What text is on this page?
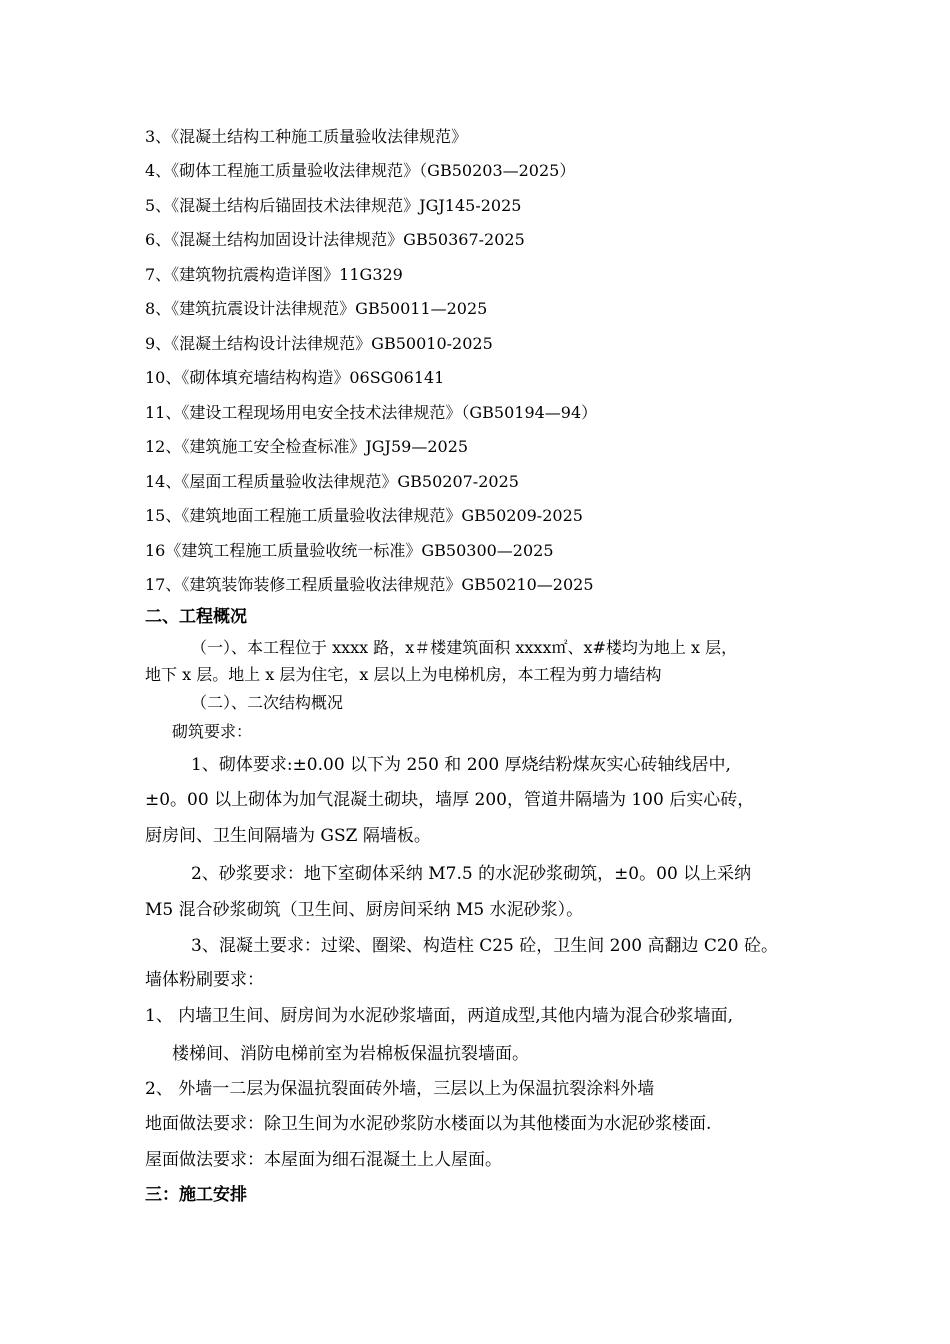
3、《混凝土结构工种施工质量验收法律规范》
4、《砌体工程施工质量验收法律规范》（GB50203—2025）
5、《混凝土结构后锚固技术法律规范》JGJ145-2025
6、《混凝土结构加固设计法律规范》GB50367-2025
7、《建筑物抗震构造详图》11G329
8、《建筑抗震设计法律规范》GB50011—2025
9、《混凝土结构设计法律规范》GB50010-2025
10、《砌体填充墙结构构造》06SG06141
11、《建设工程现场用电安全技术法律规范》（GB50194—94）
12、《建筑施工安全检查标准》JGJ59—2025
14、《屋面工程质量验收法律规范》GB50207-2025
15、《建筑地面工程施工质量验收法律规范》GB50209-2025
16《建筑工程施工质量验收统一标准》GB50300—2025
17、《建筑装饰装修工程质量验收法律规范》GB50210—2025
二、工程概况
（一）、本工程位于 xxxx 路，x＃楼建筑面积 xxxx㎡、x#楼均为地上 x 层，
地下 x 层。地上 x 层为住宅，x 层以上为电梯机房，本工程为剪力墙结构
（二）、二次结构概况
砌筑要求：
1、砌体要求:±0.00 以下为 250 和 200 厚烧结粉煤灰实心砖轴线居中,
±0。00 以上砌体为加气混凝土砌块，墙厚 200，管道井隔墙为 100 后实心砖，
厨房间、卫生间隔墙为 GSZ 隔墙板。
2、砂浆要求：地下室砌体采纳 M7.5 的水泥砂浆砌筑，±0。00 以上采纳
M5 混合砂浆砌筑（卫生间、厨房间采纳 M5 水泥砂浆）。
3、混凝土要求：过梁、圈梁、构造柱 C25 砼，卫生间 200 高翻边 C20 砼。
墙体粉刷要求：
1、 内墙卫生间、厨房间为水泥砂浆墙面，两道成型,其他内墙为混合砂浆墙面,
楼梯间、消防电梯前室为岩棉板保温抗裂墙面。
2、 外墙一二层为保温抗裂面砖外墙，三层以上为保温抗裂涂料外墙
地面做法要求：除卫生间为水泥砂浆防水楼面以为其他楼面为水泥砂浆楼面.
屋面做法要求：本屋面为细石混凝土上人屋面。
三：施工安排
